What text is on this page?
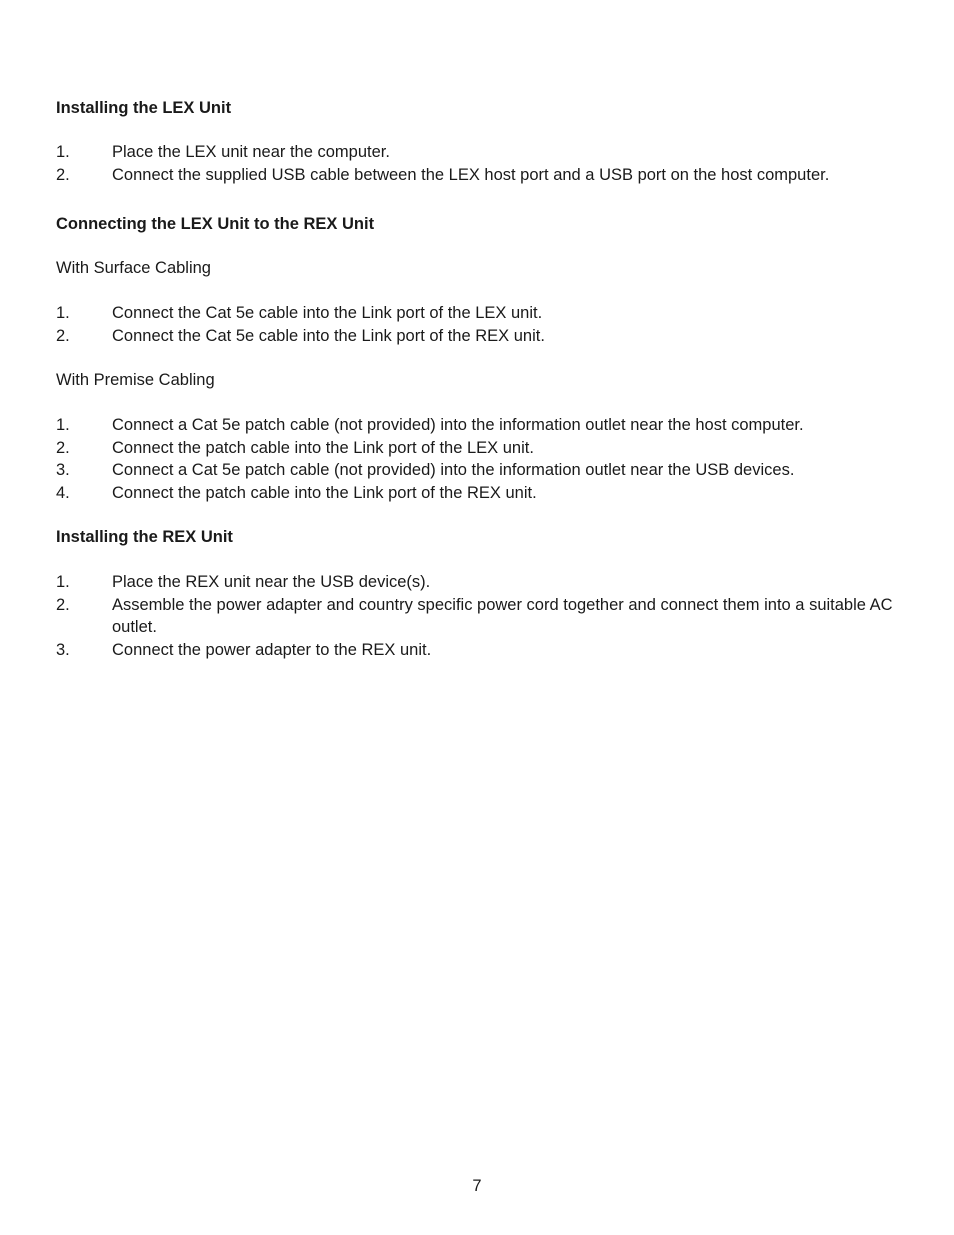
Installing the LEX Unit
1.	Place the LEX unit near the computer.
2.	Connect the supplied USB cable between the LEX host port and a USB port on the host computer.
Connecting the LEX Unit to the REX Unit

With Surface Cabling

1.	Connect the Cat 5e cable into the Link port of the LEX unit.
2.	Connect the Cat 5e cable into the Link port of the REX unit.

With Premise Cabling

1.	Connect a Cat 5e patch cable (not provided) into the information outlet near the host computer.
2.	Connect the patch cable into the Link port of the LEX unit.
3.	Connect a Cat 5e patch cable (not provided) into the information outlet near the USB devices.
4.	Connect the patch cable into the Link port of the REX unit.
Installing the REX Unit
1.	Place the REX unit near the USB device(s).
2.	Assemble the power adapter and country specific power cord together and connect them into a suitable AC outlet.
3.	Connect the power adapter to the REX unit.
7
